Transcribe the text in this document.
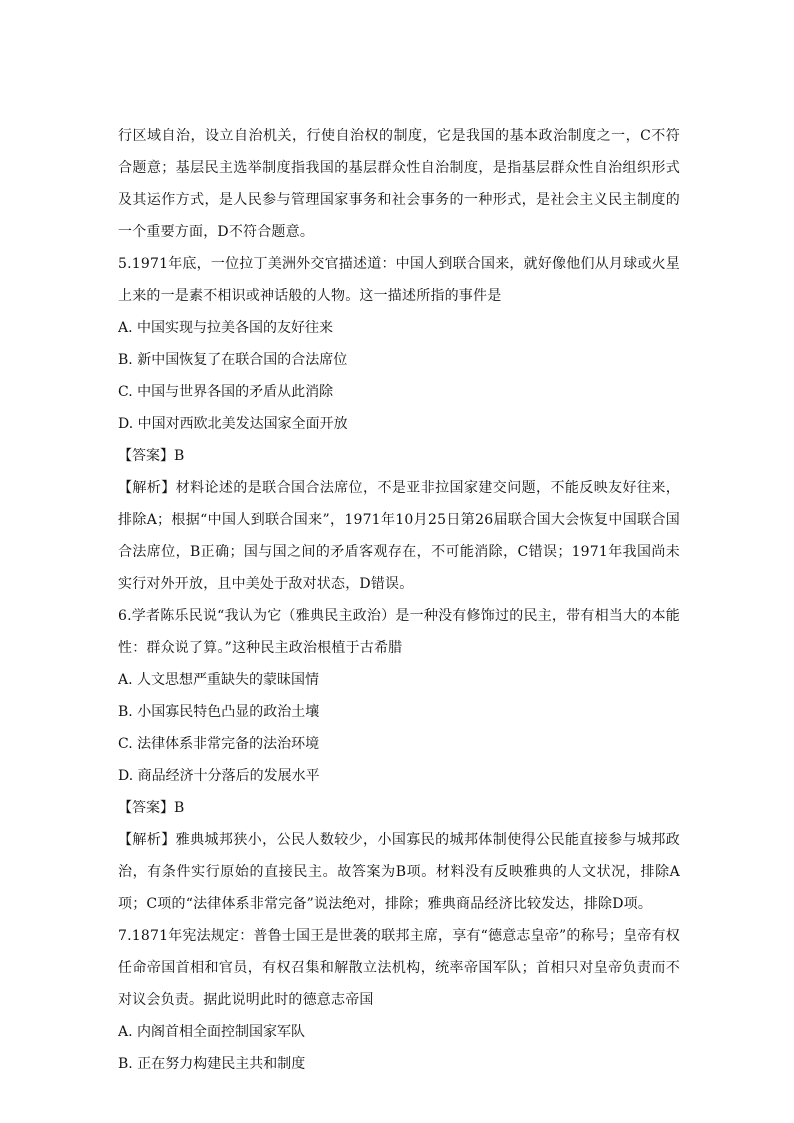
行区域自治，设立自治机关，行使自治权的制度，它是我国的基本政治制度之一，C不符合题意；基层民主选举制度指我国的基层群众性自治制度，是指基层群众性自治组织形式及其运作方式，是人民参与管理国家事务和社会事务的一种形式，是社会主义民主制度的一个重要方面，D不符合题意。

5.1971年底，一位拉丁美洲外交官描述道：中国人到联合国来，就好像他们从月球或火星上来的一是素不相识或神话般的人物。这一描述所指的事件是

A. 中国实现与拉美各国的友好往来

B. 新中国恢复了在联合国的合法席位

C. 中国与世界各国的矛盾从此消除

D. 中国对西欧北美发达国家全面开放

【答案】B

【解析】材料论述的是联合国合法席位，不是亚非拉国家建交问题，不能反映友好往来，排除A；根据“中国人到联合国来”，1971年10月25日第26届联合国大会恢复中国联合国合法席位，B正确；国与国之间的矛盾客观存在，不可能消除，C错误；1971年我国尚未实行对外开放，且中美处于敌对状态，D错误。

6.学者陈乐民说“我认为它（雅典民主政治）是一种没有修饰过的民主，带有相当大的本能性：群众说了算。”这种民主政治根植于古希腊

A. 人文思想严重缺失的蒙昧国情

B. 小国寡民特色凸显的政治土壤

C. 法律体系非常完备的法治环境

D. 商品经济十分落后的发展水平

【答案】B

【解析】雅典城邦狭小，公民人数较少，小国寡民的城邦体制使得公民能直接参与城邦政治，有条件实行原始的直接民主。故答案为B项。材料没有反映雅典的人文状况，排除A项；C项的“法律体系非常完备”说法绝对，排除；雅典商品经济比较发达，排除D项。

7.1871年宪法规定：普鲁士国王是世袭的联邦主席，享有“德意志皇帝”的称号；皇帝有权任命帝国首相和官员，有权召集和解散立法机构，统率帝国军队；首相只对皇帝负责而不对议会负责。据此说明此时的德意志帝国

A. 内阁首相全面控制国家军队

B. 正在努力构建民主共和制度
